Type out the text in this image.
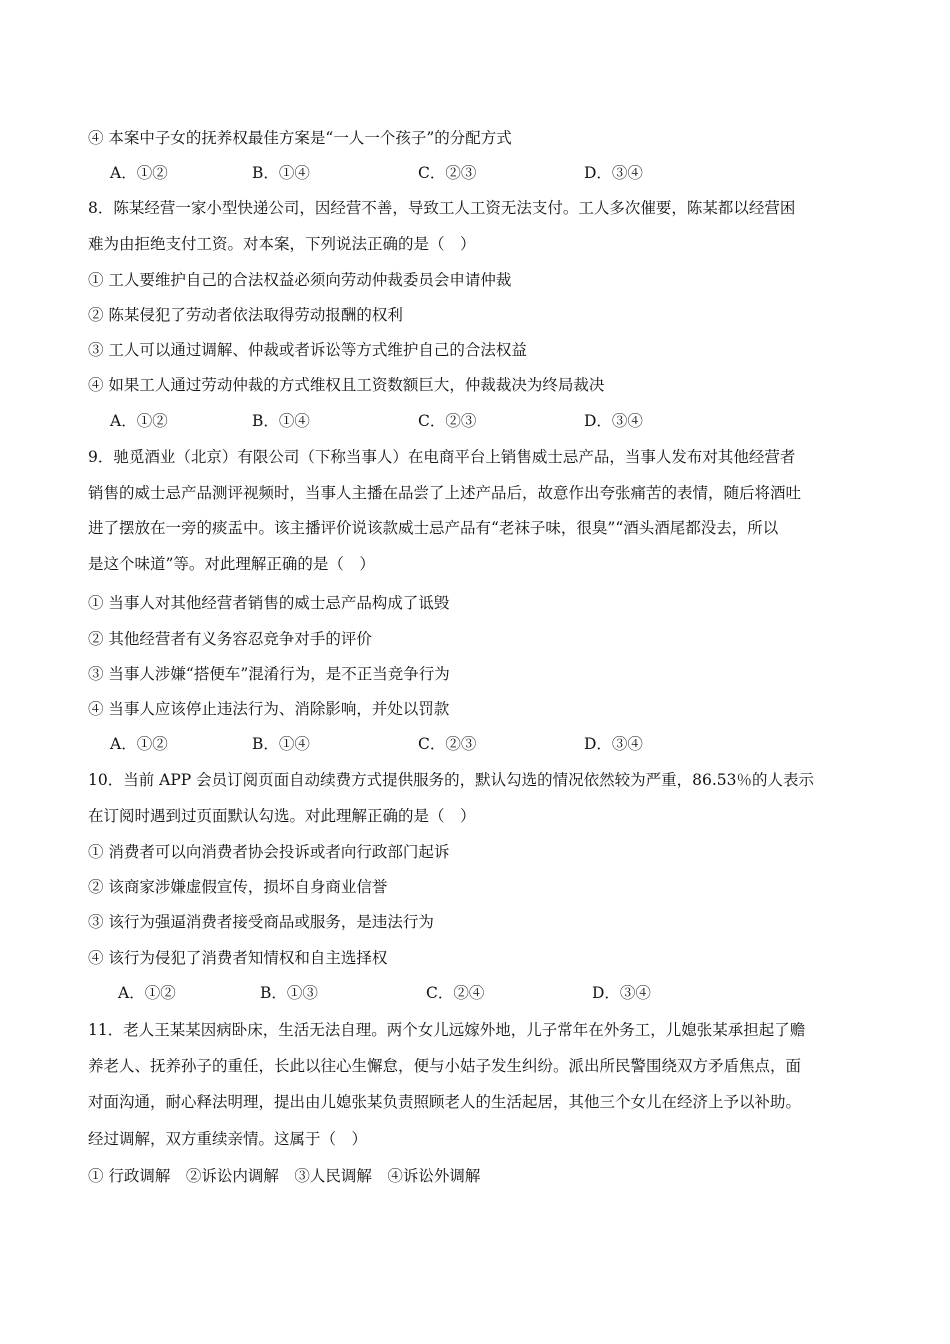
④ 本案中子女的抚养权最佳方案是“一人一个孩子”的分配方式
A．①②	B．①④	C．②③	D．③④
8．陈某经营一家小型快递公司，因经营不善，导致工人工资无法支付。工人多次催要，陈某都以经营困
难为由拒绝支付工资。对本案，下列说法正确的是（　）
① 工人要维护自己的合法权益必须向劳动仲裁委员会申请仲裁
② 陈某侵犯了劳动者依法取得劳动报酬的权利
③ 工人可以通过调解、仲裁或者诉讼等方式维护自己的合法权益
④ 如果工人通过劳动仲裁的方式维权且工资数额巨大，仲裁裁决为终局裁决
A．①②	B．①④	C．②③	D．③④
9．驰觅酒业（北京）有限公司（下称当事人）在电商平台上销售威士忌产品，当事人发布对其他经营者
销售的威士忌产品测评视频时，当事人主播在品尝了上述产品后，故意作出夸张痛苦的表情，随后将酒吐
进了摆放在一旁的痰盂中。该主播评价说该款威士忌产品有“老袜子味，很臭”“酒头酒尾都没去，所以
是这个味道”等。对此理解正确的是（　）
① 当事人对其他经营者销售的威士忌产品构成了诋毁
② 其他经营者有义务容忍竞争对手的评价
③ 当事人涉嫌“搭便车”混淆行为，是不正当竞争行为
④ 当事人应该停止违法行为、消除影响，并处以罚款
A．①②	B．①④	C．②③	D．③④
10．当前 APP 会员订阅页面自动续费方式提供服务的，默认勾选的情况依然较为严重，86.53％的人表示
在订阅时遇到过页面默认勾选。对此理解正确的是（　）
① 消费者可以向消费者协会投诉或者向行政部门起诉
② 该商家涉嫌虚假宣传，损坏自身商业信誉
③ 该行为强逼消费者接受商品或服务，是违法行为
④ 该行为侵犯了消费者知情权和自主选择权
A．①②	B．①③	C．②④	D．③④
11．老人王某某因病卧床，生活无法自理。两个女儿远嫁外地，儿子常年在外务工，儿媳张某承担起了赡
养老人、抚养孙子的重任，长此以往心生懈怠，便与小姑子发生纠纷。派出所民警围绕双方矛盾焦点，面
对面沟通，耐心释法明理，提出由儿媳张某负责照顾老人的生活起居，其他三个女儿在经济上予以补助。
经过调解，双方重续亲情。这属于（　）
① 行政调解　②诉讼内调解　③人民调解　④诉讼外调解
